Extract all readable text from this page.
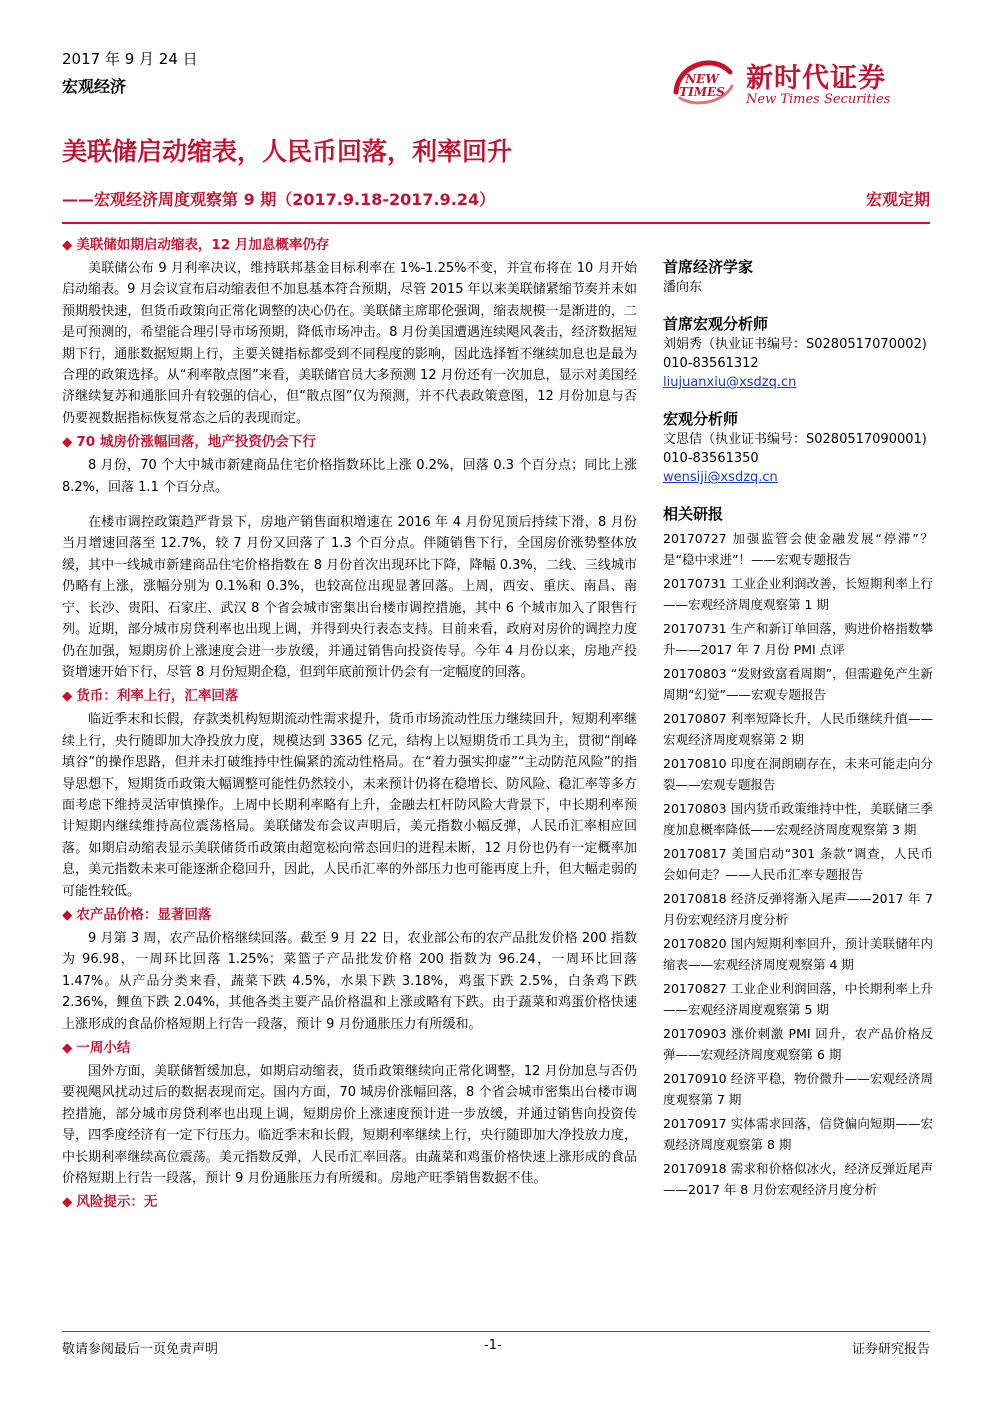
2017 年 9 月 24 日
宏观经济	NEW
TIMES 新时代证券
New Times Securities
美联储启动缩表，人民币回落，利率回升
——宏观经济周度观察第 9 期（2017.9.18-2017.9.24）	宏观定期
◆ 美联储如期启动缩表，12 月加息概率仍存

美联储公布 9 月利率决议，维持联邦基金目标利率在 1%-1.25%不变，并宣布将在 10 月开始启动缩表。9 月会议宣布启动缩表但不加息基本符合预期，尽管 2015 年以来美联储紧缩节奏并未如预期般快速，但货币政策向正常化调整的决心仍在。美联储主席耶伦强调，缩表规模一是渐进的，二是可预测的，希望能合理引导市场预期，降低市场冲击。8 月份美国遭遇连续飓风袭击，经济数据短期下行，通胀数据短期上行，主要关键指标都受到不同程度的影响，因此选择暂不继续加息也是最为合理的政策选择。从“利率散点图”来看，美联储官员大多预测 12 月份还有一次加息，显示对美国经济继续复苏和通胀回升有较强的信心，但“散点图”仅为预测，并不代表政策意图，12 月份加息与否仍要视数据指标恢复常态之后的表现而定。

◆ 70 城房价涨幅回落，地产投资仍会下行

8 月份，70 个大中城市新建商品住宅价格指数环比上涨 0.2%，回落 0.3 个百分点；同比上涨 8.2%，回落 1.1 个百分点。

在楼市调控政策趋严背景下，房地产销售面积增速在 2016 年 4 月份见顶后持续下滑，8 月份当月增速回落至 12.7%，较 7 月份又回落了 1.3 个百分点。伴随销售下行，全国房价涨势整体放缓，其中一线城市新建商品住宅价格指数在 8 月份首次出现环比下降，降幅 0.3%，二线、三线城市仍略有上涨，涨幅分别为 0.1%和 0.3%，也较高位出现显著回落。上周，西安、重庆、南昌、南宁、长沙、贵阳、石家庄、武汉 8 个省会城市密集出台楼市调控措施，其中 6 个城市加入了限售行列。近期，部分城市房贷利率也出现上调，并得到央行表态支持。目前来看，政府对房价的调控力度仍在加强，短期房价上涨速度会进一步放缓，并通过销售向投资传导。今年 4 月份以来，房地产投资增速开始下行，尽管 8 月份短期企稳，但到年底前预计仍会有一定幅度的回落。

◆ 货币：利率上行，汇率回落

临近季末和长假，存款类机构短期流动性需求提升，货币市场流动性压力继续回升，短期利率继续上行，央行随即加大净投放力度，规模达到 3365 亿元，结构上以短期货币工具为主，贯彻“削峰填谷”的操作思路，但并未打破维持中性偏紧的流动性格局。在“着力强实抑虚”“主动防范风险”的指导思想下，短期货币政策大幅调整可能性仍然较小，未来预计仍将在稳增长、防风险、稳汇率等多方面考虑下维持灵活审慎操作。上周中长期利率略有上升，金融去杠杆防风险大背景下，中长期利率预计短期内继续维持高位震荡格局。美联储发布会议声明后，美元指数小幅反弹，人民币汇率相应回落。如期启动缩表显示美联储货币政策由超宽松向常态回归的进程未断，12 月份也仍有一定概率加息，美元指数未来可能逐渐企稳回升，因此，人民币汇率的外部压力也可能再度上升，但大幅走弱的可能性较低。

◆ 农产品价格：显著回落

9 月第 3 周，农产品价格继续回落。截至 9 月 22 日，农业部公布的农产品批发价格 200 指数为 96.98，一周环比回落 1.25%；菜篮子产品批发价格 200 指数为 96.24，一周环比回落 1.47%。从产品分类来看，蔬菜下跌 4.5%，水果下跌 3.18%，鸡蛋下跌 2.5%，白条鸡下跌 2.36%，鲤鱼下跌 2.04%，其他各类主要产品价格温和上涨或略有下跌。由于蔬菜和鸡蛋价格快速上涨形成的食品价格短期上行告一段落，预计 9 月份通胀压力有所缓和。

◆ 一周小结

国外方面，美联储暂缓加息，如期启动缩表，货币政策继续向正常化调整，12 月份加息与否仍要视飓风扰动过后的数据表现而定。国内方面，70 城房价涨幅回落，8 个省会城市密集出台楼市调控措施，部分城市房贷利率也出现上调，短期房价上涨速度预计进一步放缓，并通过销售向投资传导，四季度经济有一定下行压力。临近季末和长假，短期利率继续上行，央行随即加大净投放力度，中长期利率继续高位震荡。美元指数反弹，人民币汇率回落。由蔬菜和鸡蛋价格快速上涨形成的食品价格短期上行告一段落，预计 9 月份通胀压力有所缓和。房地产旺季销售数据不佳。

◆ 风险提示：无
首席经济学家
潘向东
首席宏观分析师
刘娟秀（执业证书编号：S0280517070002)
010-83561312
liujuanxiu@xsdzq.cn
宏观分析师
文思佶（执业证书编号：S0280517090001)
010-83561350
wensiji@xsdzq.cn
相关研报
20170727 加强监管会使金融发展“停滞”？是“稳中求进”！——宏观专题报告
20170731 工业企业利润改善，长短期利率上行——宏观经济周度观察第 1 期
20170731 生产和新订单回落，购进价格指数攀升——2017 年 7 月份 PMI 点评
20170803 “发财致富看周期”，但需避免产生新周期“幻觉”——宏观专题报告
20170807 利率短降长升，人民币继续升值——宏观经济周度观察第 2 期
20170810 印度在洞朗刷存在，未来可能走向分裂——宏观专题报告
20170803 国内货币政策维持中性，美联储三季度加息概率降低——宏观经济周度观察第 3 期
20170817 美国启动“301 条款”调查，人民币会如何走？——人民币汇率专题报告
20170818 经济反弹将渐入尾声——2017 年 7 月份宏观经济月度分析
20170820 国内短期利率回升，预计美联储年内缩表——宏观经济周度观察第 4 期
20170827 工业企业利润回落，中长期利率上升——宏观经济周度观察第 5 期
20170903 涨价刺激 PMI 回升，农产品价格反弹——宏观经济周度观察第 6 期
20170910 经济平稳，物价微升——宏观经济周度观察第 7 期
20170917 实体需求回落，信贷偏向短期——宏观经济周度观察第 8 期
20170918 需求和价格似冰火，经济反弹近尾声——2017 年 8 月份宏观经济月度分析
敬请参阅最后一页免责声明	-1-	证券研究报告
